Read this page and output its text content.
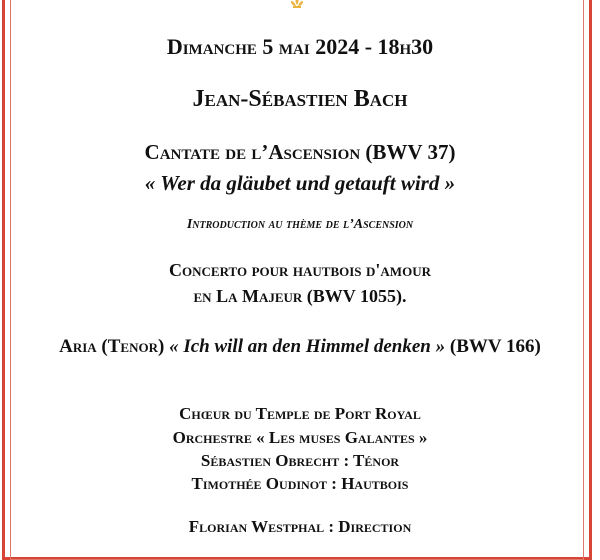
Dimanche 5 mai 2024 - 18h30
Jean-Sébastien Bach
Cantate de l’Ascension (BWV 37)
« Wer da gläubet und getauft wird »
Introduction au thème de l’Ascension
Concerto pour hautbois d'amour
en La Majeur (BWV 1055).
Aria (Tenor) « Ich will an den Himmel denken » (BWV 166)
Chœur du Temple de Port Royal
Orchestre « Les muses Galantes »
Sébastien Obrecht : Ténor
Timothée Oudinot : Hautbois
Florian Westphal : Direction
